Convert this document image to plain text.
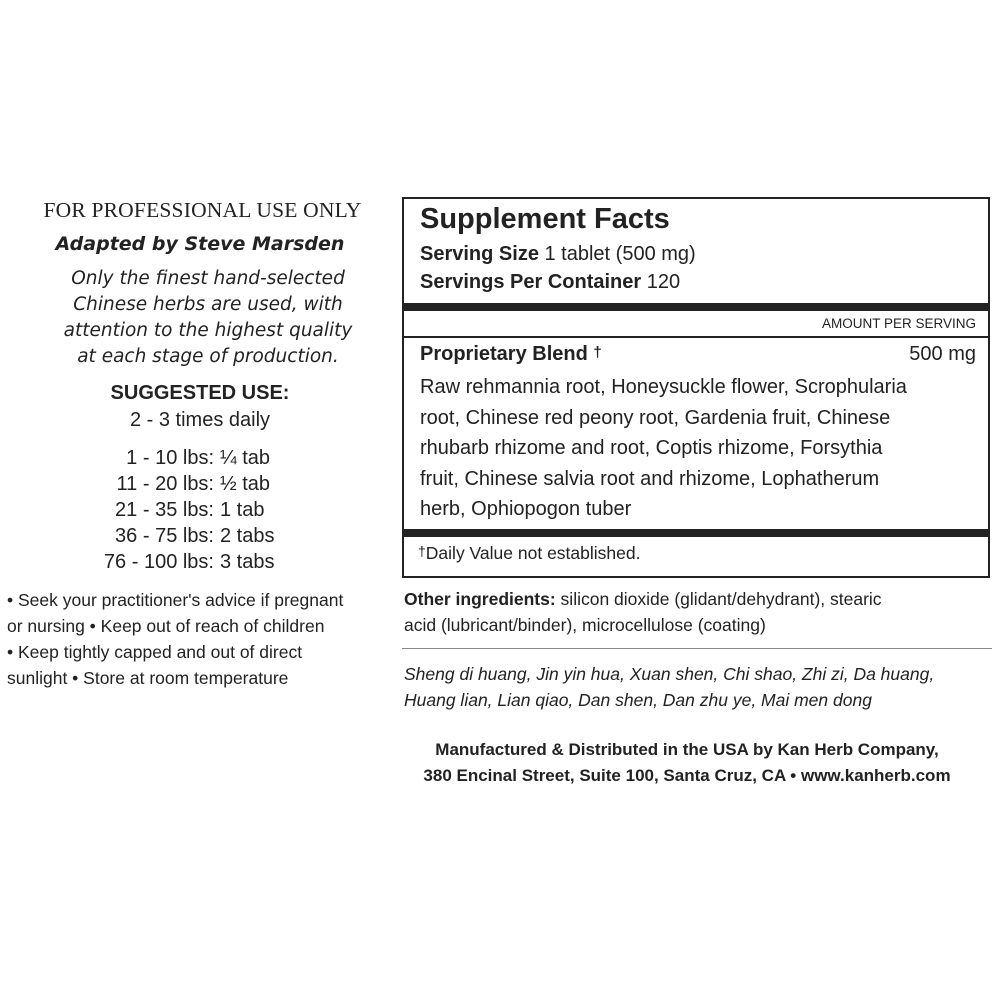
FOR PROFESSIONAL USE ONLY
Adapted by Steve Marsden
Only the finest hand-selected
Chinese herbs are used, with
attention to the highest quality
at each stage of production.
SUGGESTED USE:
2 - 3 times daily
1 - 10 lbs: ¼ tab
11 - 20 lbs: ½ tab
21 - 35 lbs: 1 tab
36 - 75 lbs: 2 tabs
76 - 100 lbs: 3 tabs
• Seek your practitioner's advice if pregnant
or nursing • Keep out of reach of children
• Keep tightly capped and out of direct
sunlight • Store at room temperature
Supplement Facts
Serving Size 1 tablet (500 mg)
Servings Per Container 120
AMOUNT PER SERVING
Proprietary Blend †	500 mg
Raw rehmannia root, Honeysuckle flower, Scrophularia
root, Chinese red peony root, Gardenia fruit, Chinese
rhubarb rhizome and root, Coptis rhizome, Forsythia
fruit, Chinese salvia root and rhizome, Lophatherum
herb, Ophiopogon tuber
†Daily Value not established.
Other ingredients: silicon dioxide (glidant/dehydrant), stearic
acid (lubricant/binder), microcellulose (coating)
Sheng di huang, Jin yin hua, Xuan shen, Chi shao, Zhi zi, Da huang,
Huang lian, Lian qiao, Dan shen, Dan zhu ye, Mai men dong
Manufactured & Distributed in the USA by Kan Herb Company,
380 Encinal Street, Suite 100, Santa Cruz, CA • www.kanherb.com
